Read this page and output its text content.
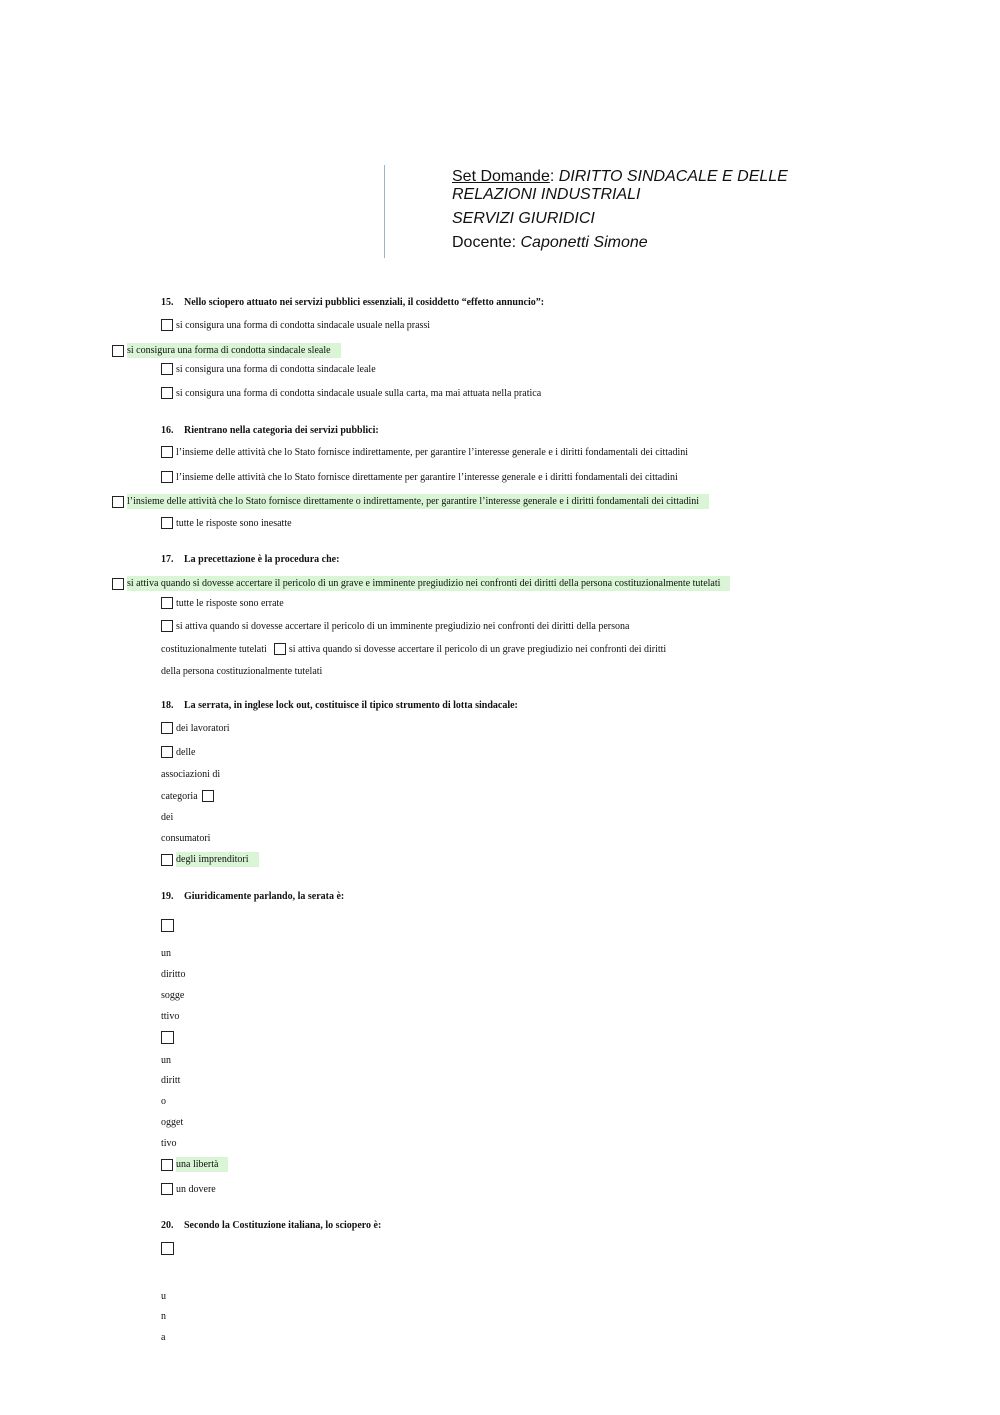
Set Domande: DIRITTO SINDACALE E DELLE
RELAZIONI INDUSTRIALI
SERVIZI GIURIDICI
Docente: Caponetti Simone
15. Nello sciopero attuato nei servizi pubblici essenziali, il cosiddetto “effetto annuncio”:
si consigura una forma di condotta sindacale usuale nella prassi
si consigura una forma di condotta sindacale sleale
si consigura una forma di condotta sindacale leale
si consigura una forma di condotta sindacale usuale sulla carta, ma mai attuata nella pratica
16. Rientrano nella categoria dei servizi pubblici:
l’insieme delle attività che lo Stato fornisce indirettamente, per garantire l’interesse generale e i diritti fondamentali dei cittadini
l’insieme delle attività che lo Stato fornisce direttamente per garantire l’interesse generale e i diritti fondamentali dei cittadini
l’insieme delle attività che lo Stato fornisce direttamente o indirettamente, per garantire l’interesse generale e i diritti fondamentali dei cittadini
tutte le risposte sono inesatte
17. La precettazione è la procedura che:
si attiva quando si dovesse accertare il pericolo di un grave e imminente pregiudizio nei confronti dei diritti della persona costituzionalmente tutelati
tutte le risposte sono errate
si attiva quando si dovesse accertare il pericolo di un imminente pregiudizio nei confronti dei diritti della persona
costituzionalmente tutelati si attiva quando si dovesse accertare il pericolo di un grave pregiudizio nei confronti dei diritti
della persona costituzionalmente tutelati
18. La serrata, in inglese lock out, costituisce il tipico strumento di lotta sindacale:
dei lavoratori
delle
associazioni di
categoria
dei
consumatori
degli imprenditori
19. Giuridicamente parlando, la serata è:
un
diritto
sogge
ttivo
un
diritt
o
ogget
tivo
una libertà
un dovere
20. Secondo la Costituzione italiana, lo sciopero è:
u
n
a
